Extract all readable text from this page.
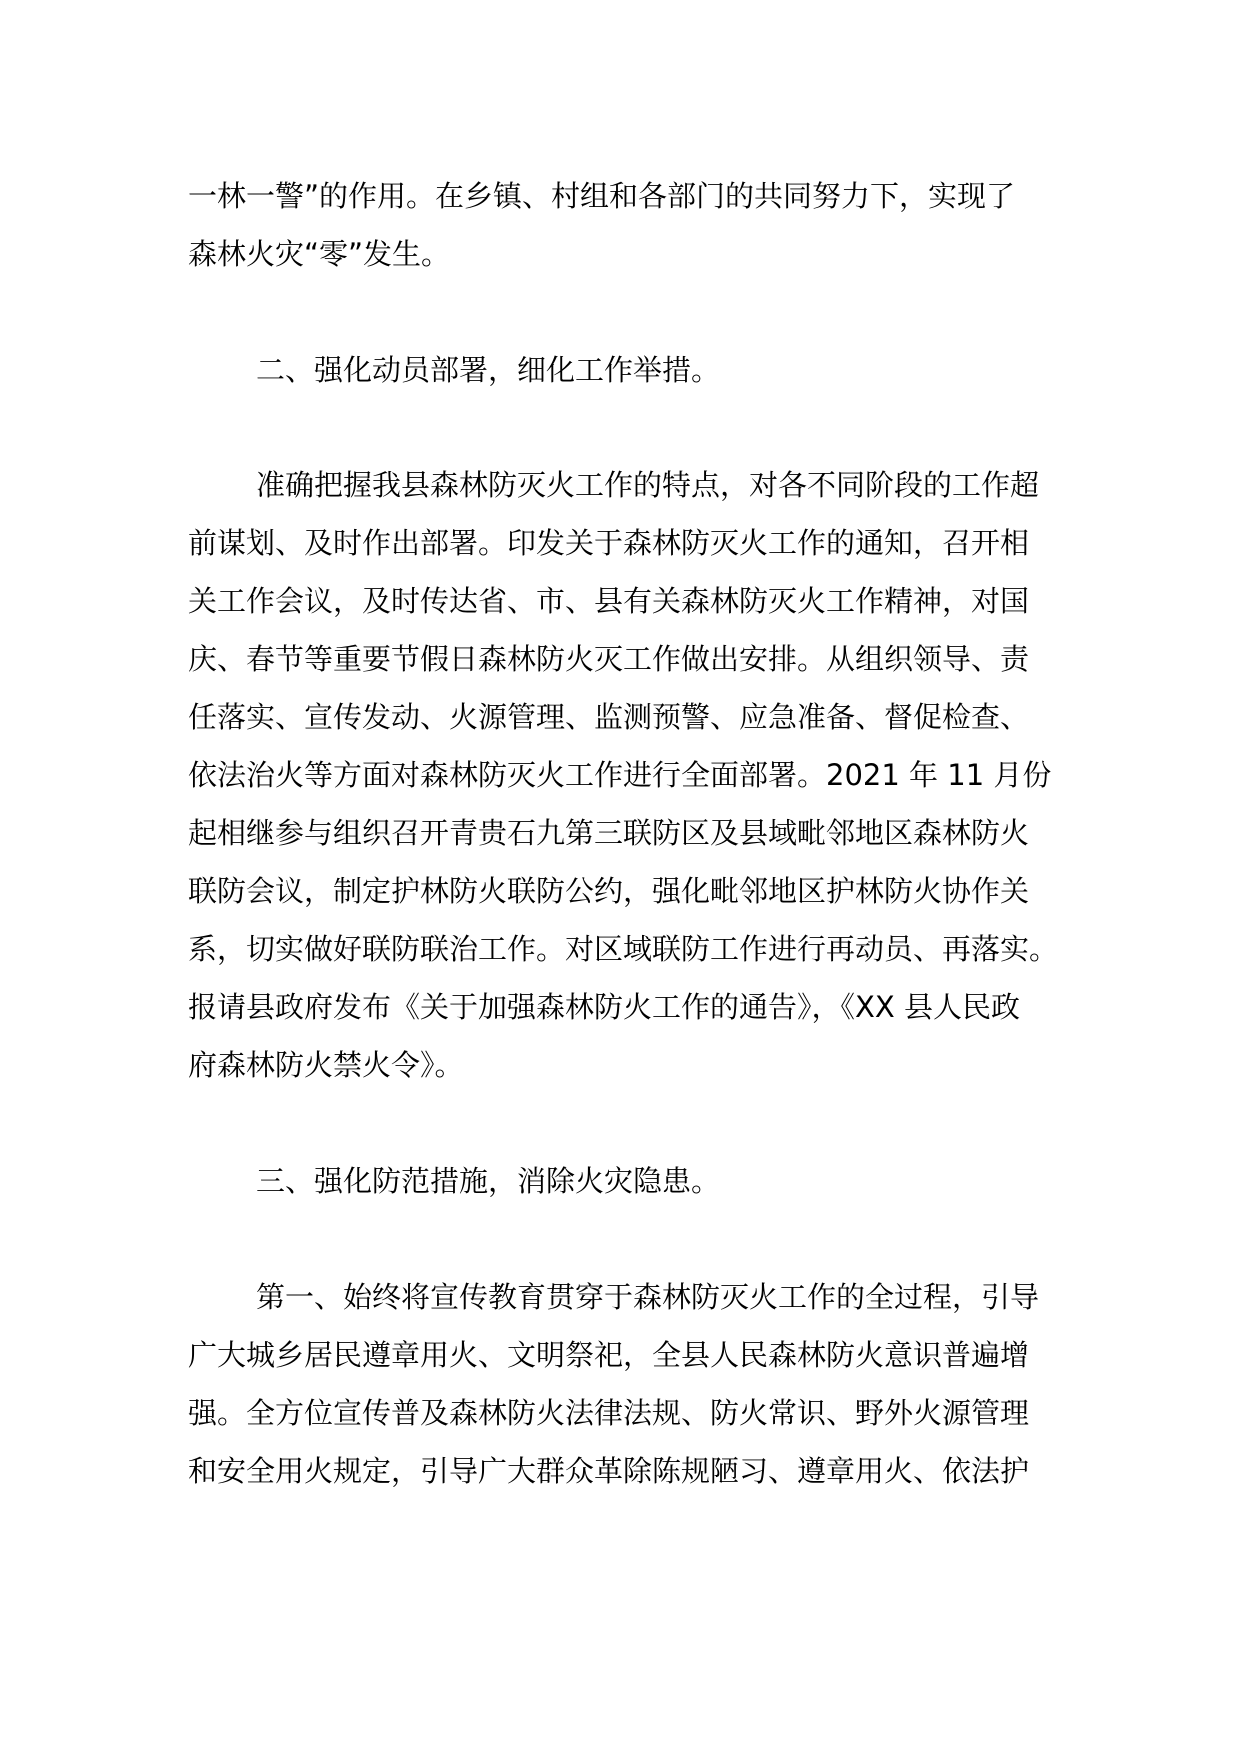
一林一警”的作用。在乡镇、村组和各部门的共同努力下，实现了
森林火灾“零”发生。
二、强化动员部署，细化工作举措。
准确把握我县森林防灭火工作的特点，对各不同阶段的工作超
前谋划、及时作出部署。印发关于森林防灭火工作的通知，召开相
关工作会议，及时传达省、市、县有关森林防灭火工作精神，对国
庆、春节等重要节假日森林防火灭工作做出安排。从组织领导、责
任落实、宣传发动、火源管理、监测预警、应急准备、督促检查、
依法治火等方面对森林防灭火工作进行全面部署。2021 年 11 月份
起相继参与组织召开青贵石九第三联防区及县域毗邻地区森林防火
联防会议，制定护林防火联防公约，强化毗邻地区护林防火协作关
系，切实做好联防联治工作。对区域联防工作进行再动员、再落实。
报请县政府发布《关于加强森林防火工作的通告》，《XX 县人民政
府森林防火禁火令》。
三、强化防范措施，消除火灾隐患。
第一、始终将宣传教育贯穿于森林防灭火工作的全过程，引导
广大城乡居民遵章用火、文明祭祀，全县人民森林防火意识普遍增
强。全方位宣传普及森林防火法律法规、防火常识、野外火源管理
和安全用火规定，引导广大群众革除陈规陋习、遵章用火、依法护
